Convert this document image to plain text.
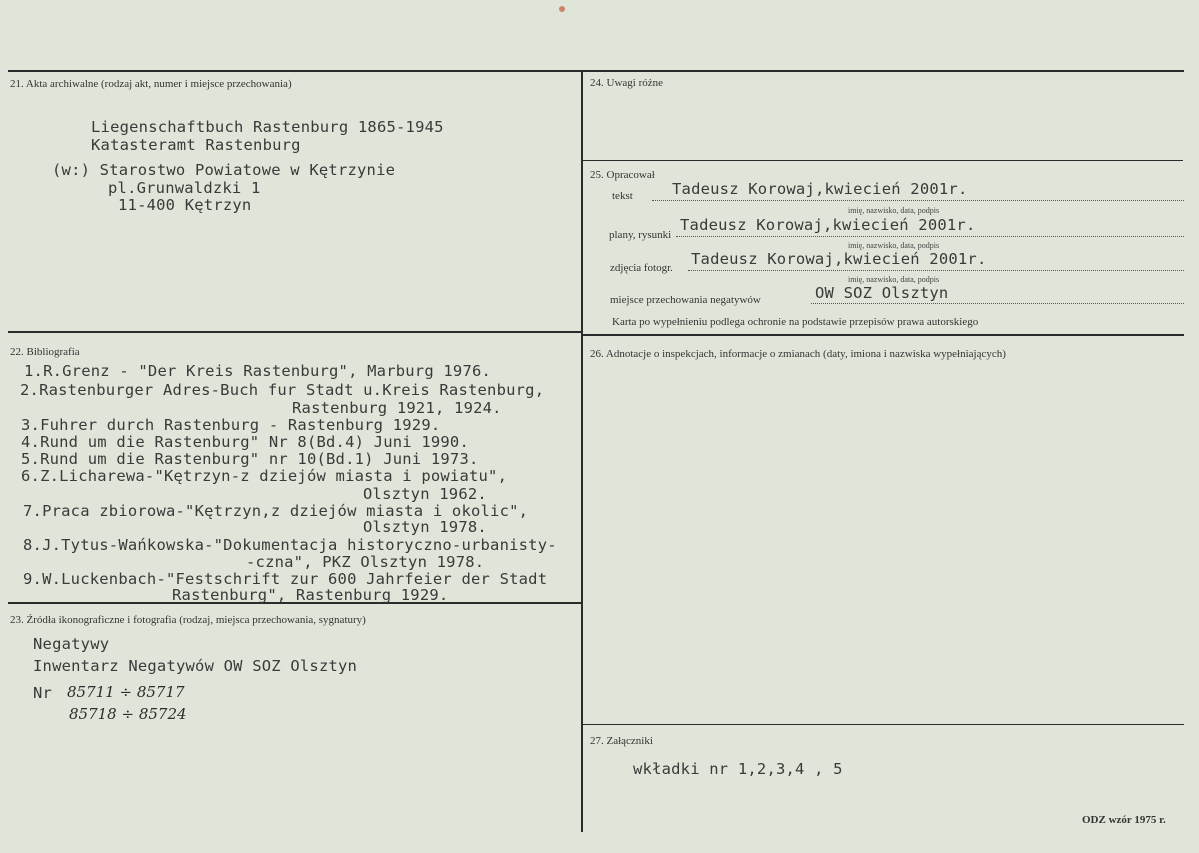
21. Akta archiwalne (rodzaj akt, numer i miejsce przechowania)
Liegenschaftbuch Rastenburg 1865-1945
Katasteramt Rastenburg
(w:) Starostwo Powiatowe w Kętrzynie
pl.Grunwaldzki 1
11-400 Kętrzyn
22. Bibliografia
1.R.Grenz - "Der Kreis Rastenburg", Marburg 1976.
2.Rastenburger Adres-Buch fur Stadt u.Kreis Rastenburg,
Rastenburg 1921, 1924.
3.Fuhrer durch Rastenburg - Rastenburg 1929.
4.Rund um die Rastenburg" Nr 8(Bd.4) Juni 1990.
5.Rund um die Rastenburg" nr 10(Bd.1) Juni 1973.
6.Z.Licharewa-"Kętrzyn-z dziejów miasta i powiatu",
Olsztyn 1962.
7.Praca zbiorowa-"Kętrzyn,z dziejów miasta i okolic",
Olsztyn 1978.
8.J.Tytus-Wańkowska-"Dokumentacja historyczno-urbanisty-
-czna", PKZ Olsztyn 1978.
9.W.Luckenbach-"Festschrift zur 600 Jahrfeier der Stadt
Rastenburg", Rastenburg 1929.
23. Źródła ikonograficzne i fotografia (rodzaj, miejsca przechowania, sygnatury)
Negatywy
Inwentarz Negatywów OW SOZ Olsztyn
Nr 85711 ÷ 85717
85718 ÷ 85724
24. Uwagi różne
25. Opracował
tekst	Tadeusz Korowaj,kwiecień 2001r.
imię, nazwisko, data, podpis
plany, rysunki
Tadeusz Korowaj,kwiecień 2001r.
imię, nazwisko, data, podpis
zdjęcia fotogr. Tadeusz Korowaj,kwiecień 2001r.
imię, nazwisko, data, podpis
miejsce przechowania negatywów	OW SOZ Olsztyn
Karta po wypełnieniu podlega ochronie na podstawie przepisów prawa autorskiego
26. Adnotacje o inspekcjach, informacje o zmianach (daty, imiona i nazwiska wypełniających)
27. Załączniki
wkładki nr 1,2,3,4 , 5
ODZ wzór 1975 r.
